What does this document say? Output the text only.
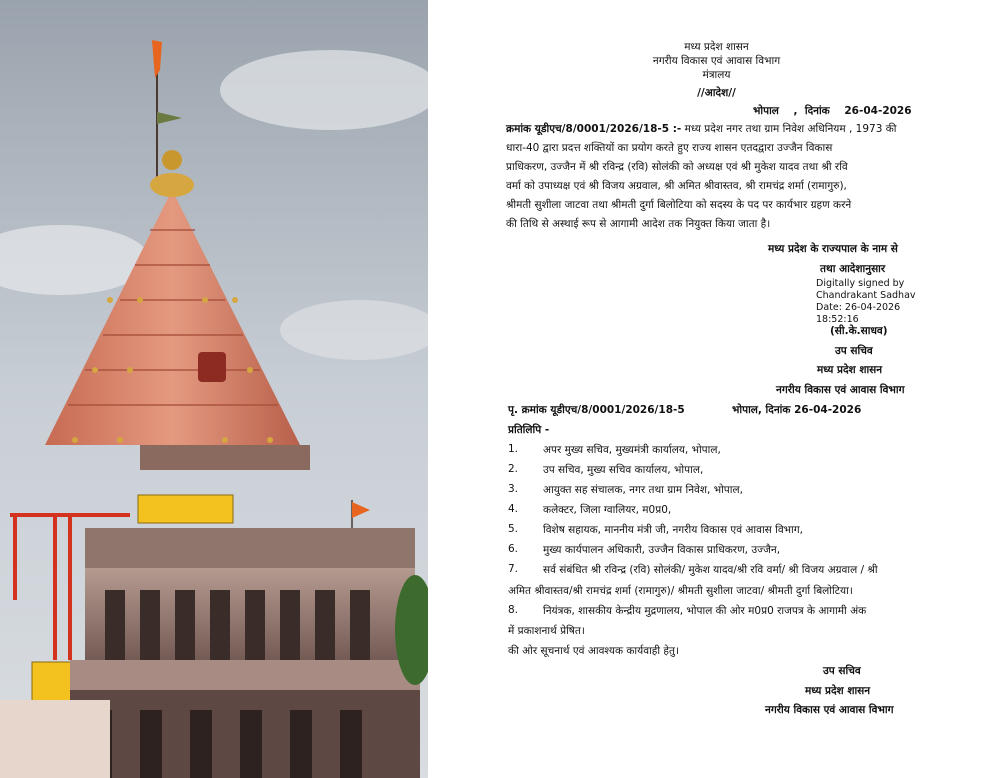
मध्य प्रदेश शासन
नगरीय विकास एवं आवास विभाग
मंत्रालय
//आदेश//
भोपाल , दिनांक 26-04-2026

क्रमांक यूडीएच/8/0001/2026/18-5 :- मध्य प्रदेश नगर तथा ग्राम निवेश अधिनियम , 1973 की

धारा-40 द्वारा प्रदत्त शक्तियों का प्रयोग करते हुए राज्य शासन एतदद्वारा उज्जैन विकास

प्राधिकरण, उज्जैन में श्री रविन्द्र (रवि) सोलंकी को अध्यक्ष एवं श्री मुकेश यादव तथा श्री रवि

वर्मा को उपाध्यक्ष एवं श्री विजय अग्रवाल, श्री अमित श्रीवास्तव, श्री रामचंद्र शर्मा (रामागुरु),

श्रीमती सुशीला जाटवा तथा श्रीमती दुर्गा बिलोटिया को सदस्य के पद पर कार्यभार ग्रहण करने

की तिथि से अस्थाई रूप से आगामी आदेश तक नियुक्त किया जाता है।

मध्य प्रदेश के राज्यपाल के नाम से
तथा आदेशानुसार
Digitally signed by
Chandrakant Sadhav
Date: 26-04-2026
18:52:16
(सी.के.साधव)
उप सचिव
मध्य प्रदेश शासन
नगरीय विकास एवं आवास विभाग
पृ. क्रमांक यूडीएच/8/0001/2026/18-5	भोपाल, दिनांक 26-04-2026
प्रतिलिपि -
1. अपर मुख्य सचिव, मुख्यमंत्री कार्यालय, भोपाल,
2. उप सचिव, मुख्य सचिव कार्यालय, भोपाल,
3. आयुक्त सह संचालक, नगर तथा ग्राम निवेश, भोपाल,
4. कलेक्टर, जिला ग्वालियर, म0प्र0,
5. विशेष सहायक, माननीय मंत्री जी, नगरीय विकास एवं आवास विभाग,
6. मुख्य कार्यपालन अधिकारी, उज्जैन विकास प्राधिकरण, उज्जैन,
7. सर्व संबंधित श्री रविन्द्र (रवि) सोलंकी/ मुकेश यादव/श्री रवि वर्मा/ श्री विजय अग्रवाल / श्री
अमित श्रीवास्तव/श्री रामचंद्र शर्मा (रामागुरु)/ श्रीमती सुशीला जाटवा/ श्रीमती दुर्गा बिलोटिया।
8. नियंत्रक, शासकीय केन्द्रीय मुद्रणालय, भोपाल की ओर म0प्र0 राजपत्र के आगामी अंक
में प्रकाशनार्थ प्रेषित।
की ओर सूचनार्थ एवं आवश्यक कार्यवाही हेतु।
उप सचिव
मध्य प्रदेश शासन
नगरीय विकास एवं आवास विभाग
